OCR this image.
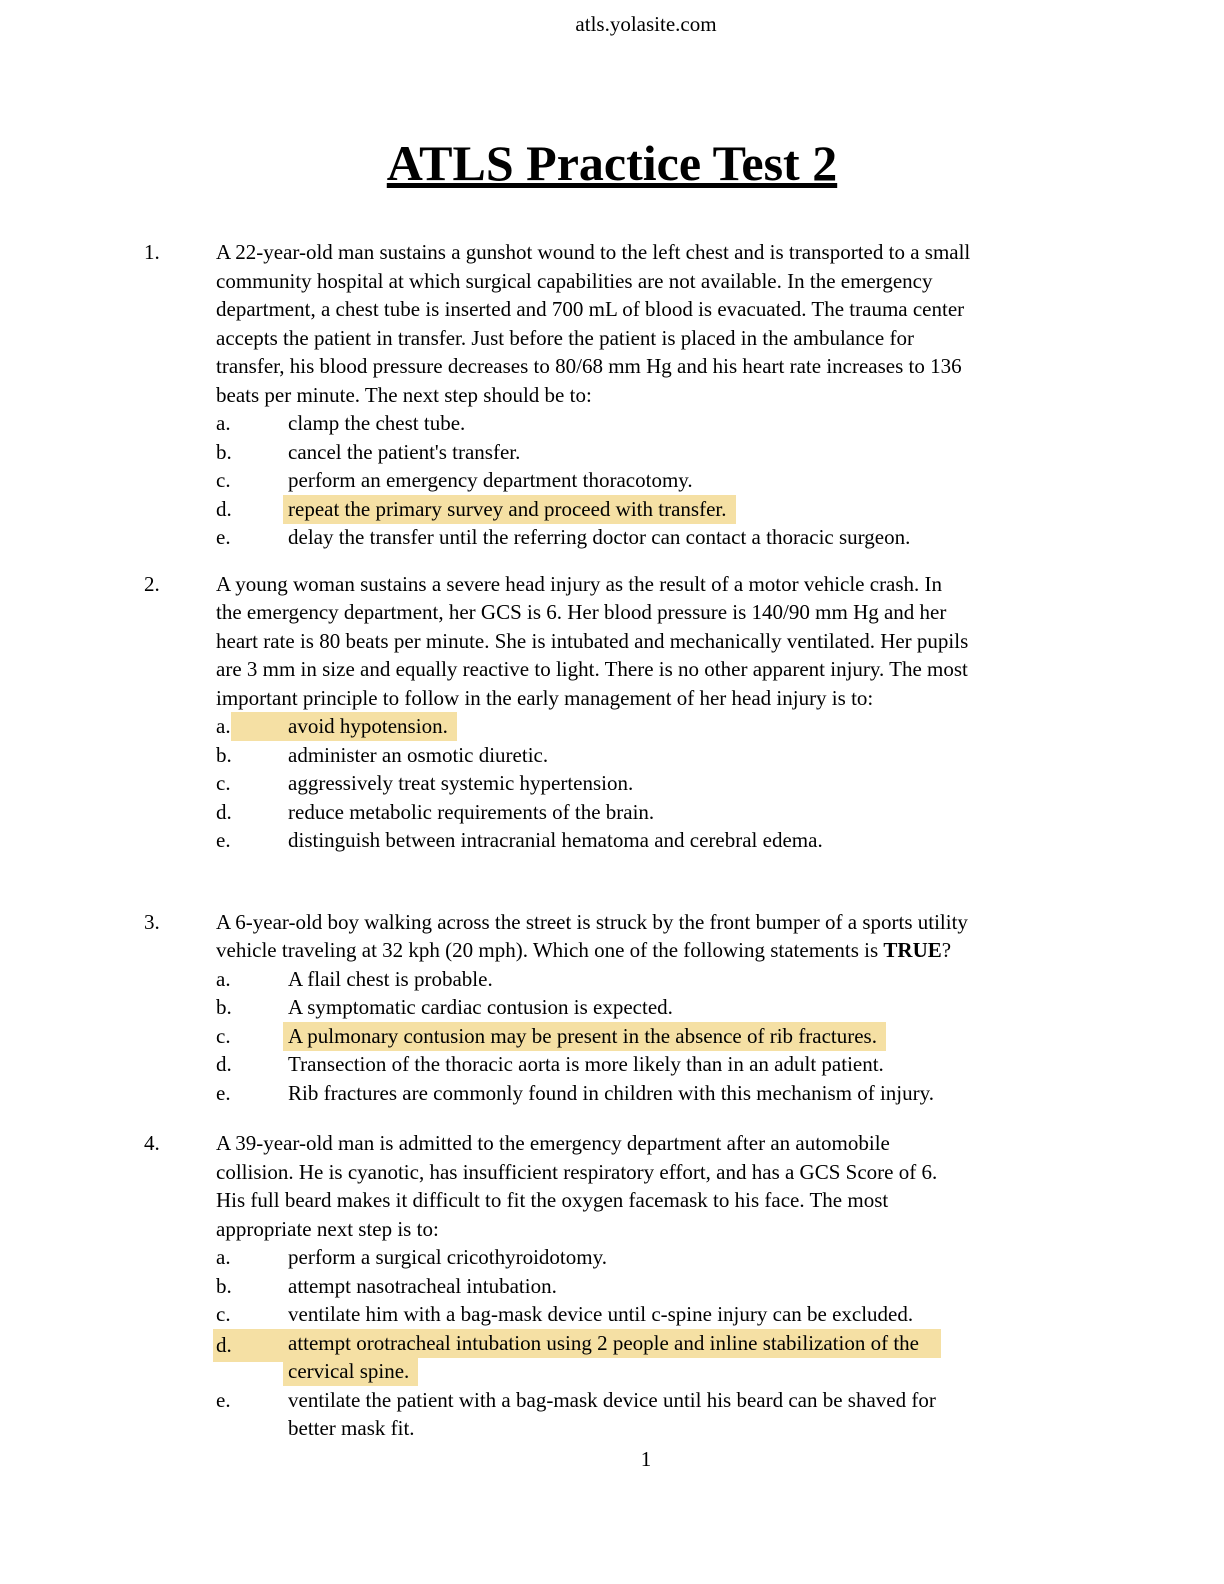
atls.yolasite.com
ATLS Practice Test 2
1.	A 22-year-old man sustains a gunshot wound to the left chest and is transported to a small
community hospital at which surgical capabilities are not available. In the emergency
department, a chest tube is inserted and 700 mL of blood is evacuated. The trauma center
accepts the patient in transfer. Just before the patient is placed in the ambulance for
transfer, his blood pressure decreases to 80/68 mm Hg and his heart rate increases to 136
beats per minute. The next step should be to:
a.	clamp the chest tube.
b.	cancel the patient's transfer.
c.	perform an emergency department thoracotomy.
d.	repeat the primary survey and proceed with transfer.
e.	delay the transfer until the referring doctor can contact a thoracic surgeon.
2.	A young woman sustains a severe head injury as the result of a motor vehicle crash. In
the emergency department, her GCS is 6. Her blood pressure is 140/90 mm Hg and her
heart rate is 80 beats per minute. She is intubated and mechanically ventilated. Her pupils
are 3 mm in size and equally reactive to light. There is no other apparent injury. The most
important principle to follow in the early management of her head injury is to:
a.	avoid hypotension.
b.	administer an osmotic diuretic.
c.	aggressively treat systemic hypertension.
d.	reduce metabolic requirements of the brain.
e.	distinguish between intracranial hematoma and cerebral edema.
3.	A 6-year-old boy walking across the street is struck by the front bumper of a sports utility
vehicle traveling at 32 kph (20 mph). Which one of the following statements is TRUE?
a.	A flail chest is probable.
b.	A symptomatic cardiac contusion is expected.
c.	A pulmonary contusion may be present in the absence of rib fractures.
d.	Transection of the thoracic aorta is more likely than in an adult patient.
e.	Rib fractures are commonly found in children with this mechanism of injury.
4.	A 39-year-old man is admitted to the emergency department after an automobile
collision. He is cyanotic, has insufficient respiratory effort, and has a GCS Score of 6.
His full beard makes it difficult to fit the oxygen facemask to his face. The most
appropriate next step is to:
a.	perform a surgical cricothyroidotomy.
b.	attempt nasotracheal intubation.
c.	ventilate him with a bag-mask device until c-spine injury can be excluded.
d.	attempt orotracheal intubation using 2 people and inline stabilization of the
cervical spine.
e.	ventilate the patient with a bag-mask device until his beard can be shaved for
better mask fit.
1
